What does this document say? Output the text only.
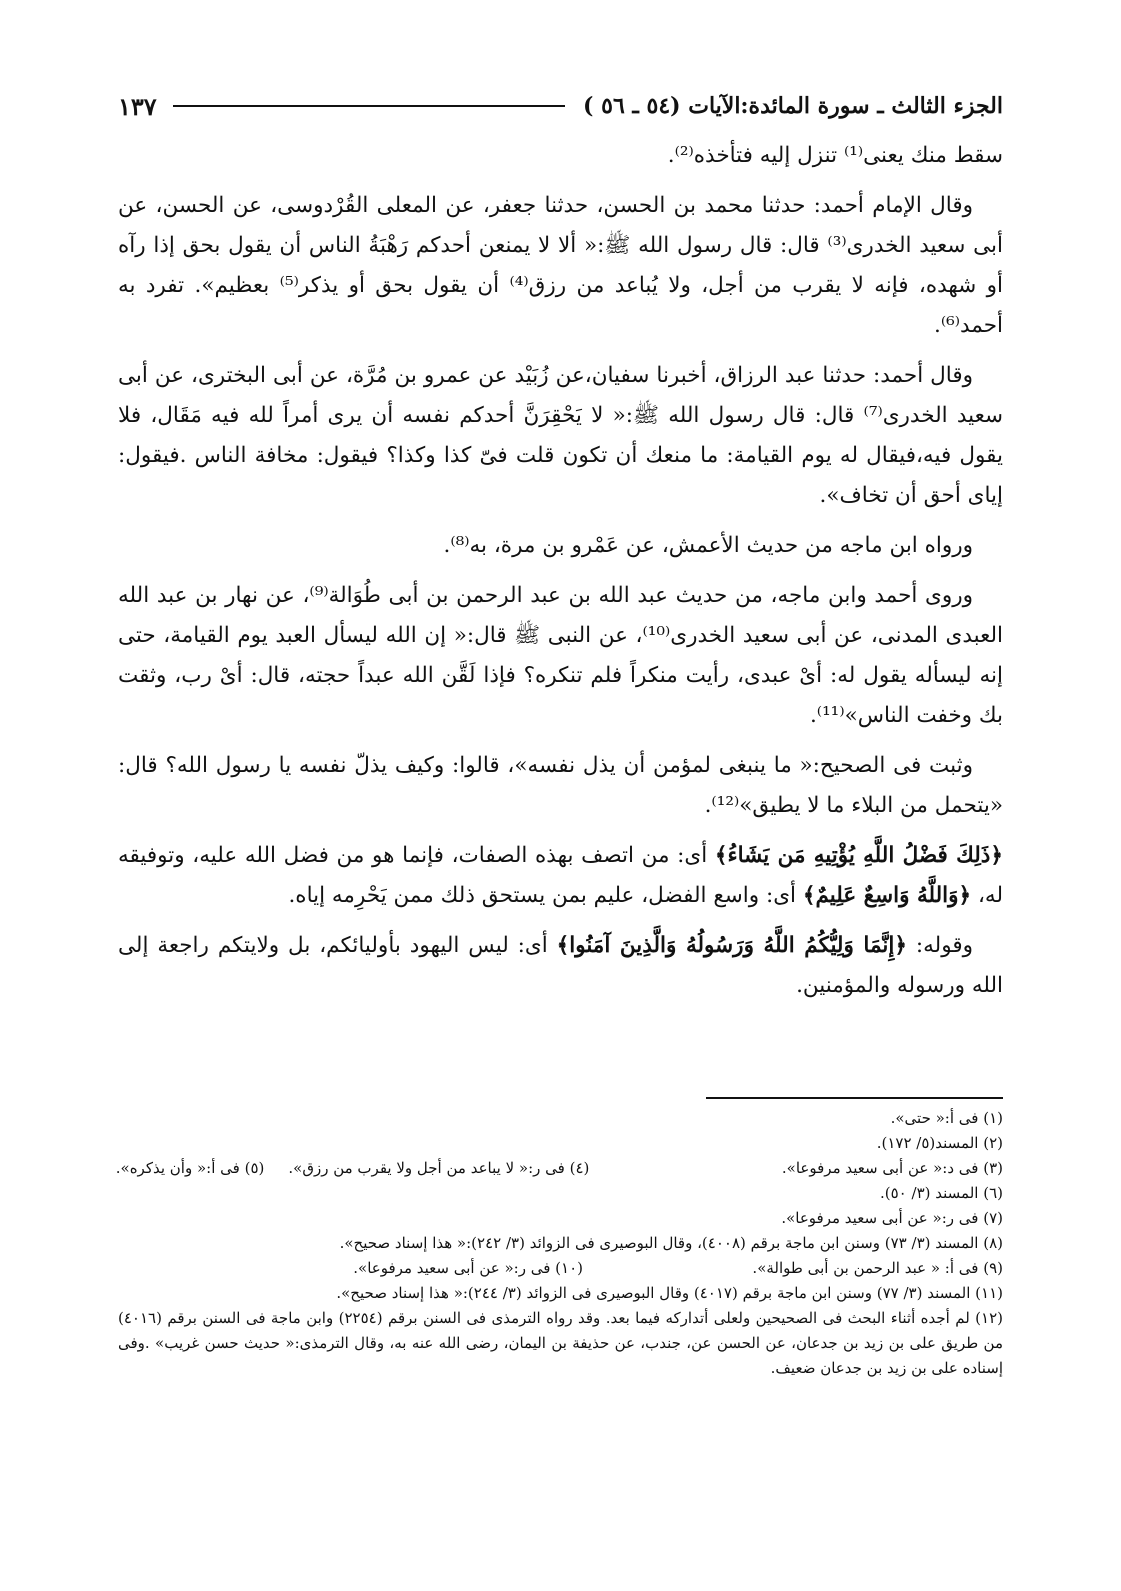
الجزء الثالث ـ سورة المائدة:الآيات (٥٤ ـ ٥٦ )
١٣٧

سقط منك يعنى⁽¹⁾ تنزل إليه فتأخذه⁽²⁾.

وقال الإمام أحمد: حدثنا محمد بن الحسن، حدثنا جعفر، عن المعلى القُرْدوسى، عن الحسن، عن أبى سعيد الخدرى⁽³⁾ قال: قال رسول الله ﷺ:« ألا لا يمنعن أحدكم رَهْبَةُ الناس أن يقول بحق إذا رآه أو شهده، فإنه لا يقرب من أجل، ولا يُباعد من رزق⁽⁴⁾ أن يقول بحق أو يذكر⁽⁵⁾ بعظيم». تفرد به أحمد⁽⁶⁾.

وقال أحمد: حدثنا عبد الرزاق، أخبرنا سفيان،عن زُبَيْد عن عمرو بن مُرَّة، عن أبى البخترى، عن أبى سعيد الخدرى⁽⁷⁾ قال: قال رسول الله ﷺ:« لا يَحْقِرَنَّ أحدكم نفسه أن يرى أمراً لله فيه مَقَال، فلا يقول فيه،فيقال له يوم القيامة: ما منعك أن تكون قلت فىّ كذا وكذا؟ فيقول: مخافة الناس .فيقول: إياى أحق أن تخاف».

ورواه ابن ماجه من حديث الأعمش، عن عَمْرو بن مرة، به⁽⁸⁾.

وروى أحمد وابن ماجه، من حديث عبد الله بن عبد الرحمن بن أبى طُوَالة⁽⁹⁾، عن نهار بن عبد الله العبدى المدنى، عن أبى سعيد الخدرى⁽¹⁰⁾، عن النبى ﷺ قال:« إن الله ليسأل العبد يوم القيامة، حتى إنه ليسأله يقول له: أىْ عبدى، رأيت منكراً فلم تنكره؟ فإذا لَقَّن الله عبداً حجته، قال: أىْ رب، وثقت بك وخفت الناس»⁽¹¹⁾.

وثبت فى الصحيح:« ما ينبغى لمؤمن أن يذل نفسه»، قالوا: وكيف يذلّ نفسه يا رسول الله؟ قال: «يتحمل من البلاء ما لا يطيق»⁽¹²⁾.

﴿ذَلِكَ فَضْلُ اللَّهِ يُؤْتِيهِ مَن يَشَاءُ﴾ أى: من اتصف بهذه الصفات، فإنما هو من فضل الله عليه، وتوفيقه له، ﴿وَاللَّهُ وَاسِعٌ عَلِيمٌ﴾ أى: واسع الفضل، عليم بمن يستحق ذلك ممن يَحْرِمه إياه.

وقوله: ﴿إِنَّمَا وَلِيُّكُمُ اللَّهُ وَرَسُولُهُ وَالَّذِينَ آمَنُوا﴾ أى: ليس اليهود بأوليائكم، بل ولايتكم راجعة إلى الله ورسوله والمؤمنين.

(١) فى أ:« حتى».
(٢) المسند(٥/ ١٧٢).
(٣) فى د:« عن أبى سعيد مرفوعا».
(٤) فى ر:« لا يباعد من أجل ولا يقرب من رزق».
(٥) فى أ:« وأن يذكره».
(٦) المسند (٣/ ٥٠).
(٧) فى ر:« عن أبى سعيد مرفوعا».
(٨) المسند (٣/ ٧٣) وسنن ابن ماجة برقم (٤٠٠٨)، وقال البوصيرى فى الزوائد (٣/ ٢٤٢):« هذا إسناد صحيح».
(٩) فى أ: « عبد الرحمن بن أبى طوالة».
(١٠) فى ر:« عن أبى سعيد مرفوعا».
(١١) المسند (٣/ ٧٧) وسنن ابن ماجة برقم (٤٠١٧) وقال البوصيرى فى الزوائد (٣/ ٢٤٤):« هذا إسناد صحيح».
(١٢) لم أجده أثناء البحث فى الصحيحين ولعلى أتداركه فيما بعد. وقد رواه الترمذى فى السنن برقم (٢٢٥٤) وابن ماجة فى السنن برقم (٤٠١٦) من طريق على بن زيد بن جدعان، عن الحسن عن، جندب، عن حذيفة بن اليمان، رضى الله عنه به، وقال الترمذى:« حديث حسن غريب» .وفى إسناده على بن زيد بن جدعان ضعيف.
